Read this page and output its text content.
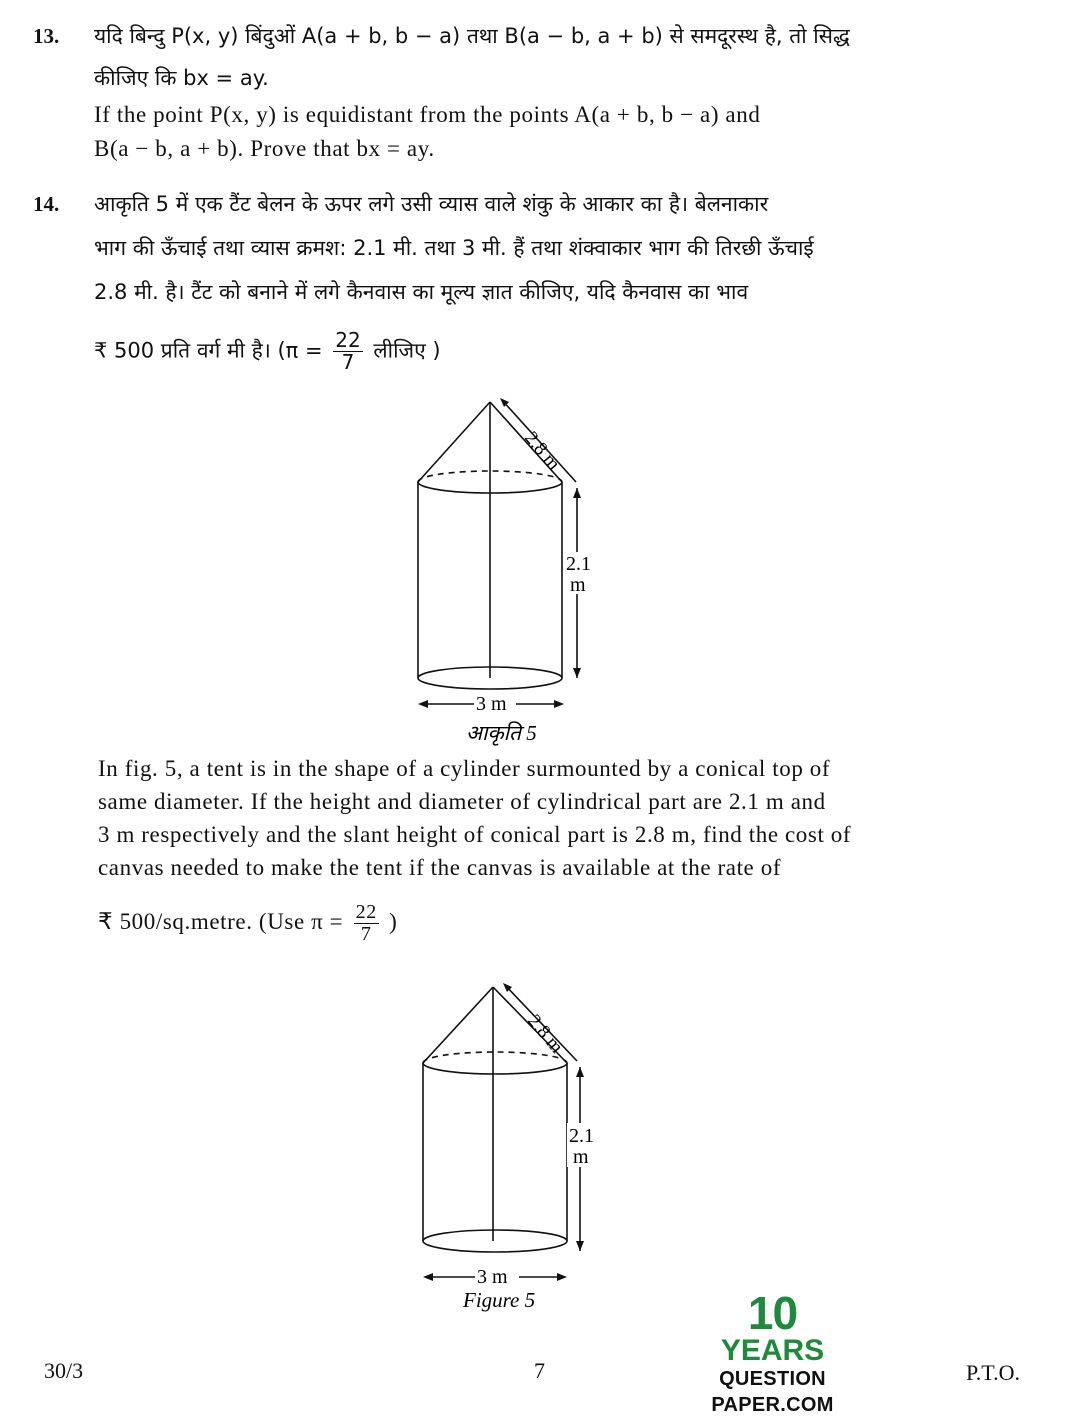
13. यदि बिन्दु P(x, y) बिंदुओं A(a + b, b − a) तथा B(a − b, a + b) से समदूरस्थ है, तो सिद्ध
कीजिए कि bx = ay.
If the point P(x, y) is equidistant from the points A(a + b, b − a) and
B(a − b, a + b). Prove that bx = ay.
14. आकृति 5 में एक टैंट बेलन के ऊपर लगे उसी व्यास वाले शंकु के आकार का है। बेलनाकार
भाग की ऊँचाई तथा व्यास क्रमश: 2.1 मी. तथा 3 मी. हैं तथा शंक्वाकार भाग की तिरछी ऊँचाई
2.8 मी. है। टैंट को बनाने में लगे कैनवास का मूल्य ज्ञात कीजिए, यदि कैनवास का भाव
₹ 500 प्रति वर्ग मी है। ($\pi = \frac{22}{7}$ लीजिए )
2.8 m
2.1
m
3 m
आकृति 5
In fig. 5, a tent is in the shape of a cylinder surmounted by a conical top of
same diameter. If the height and diameter of cylindrical part are 2.1 m and
3 m respectively and the slant height of conical part is 2.8 m, find the cost of
canvas needed to make the tent if the canvas is available at the rate of
₹ 500/sq.metre. (Use $\pi = \frac{22}{7}$ )
2.8 m
2.1
m
3 m
Figure 5
30/3	7	P.T.O.
10
YEARS
QUESTION PAPER.COM
